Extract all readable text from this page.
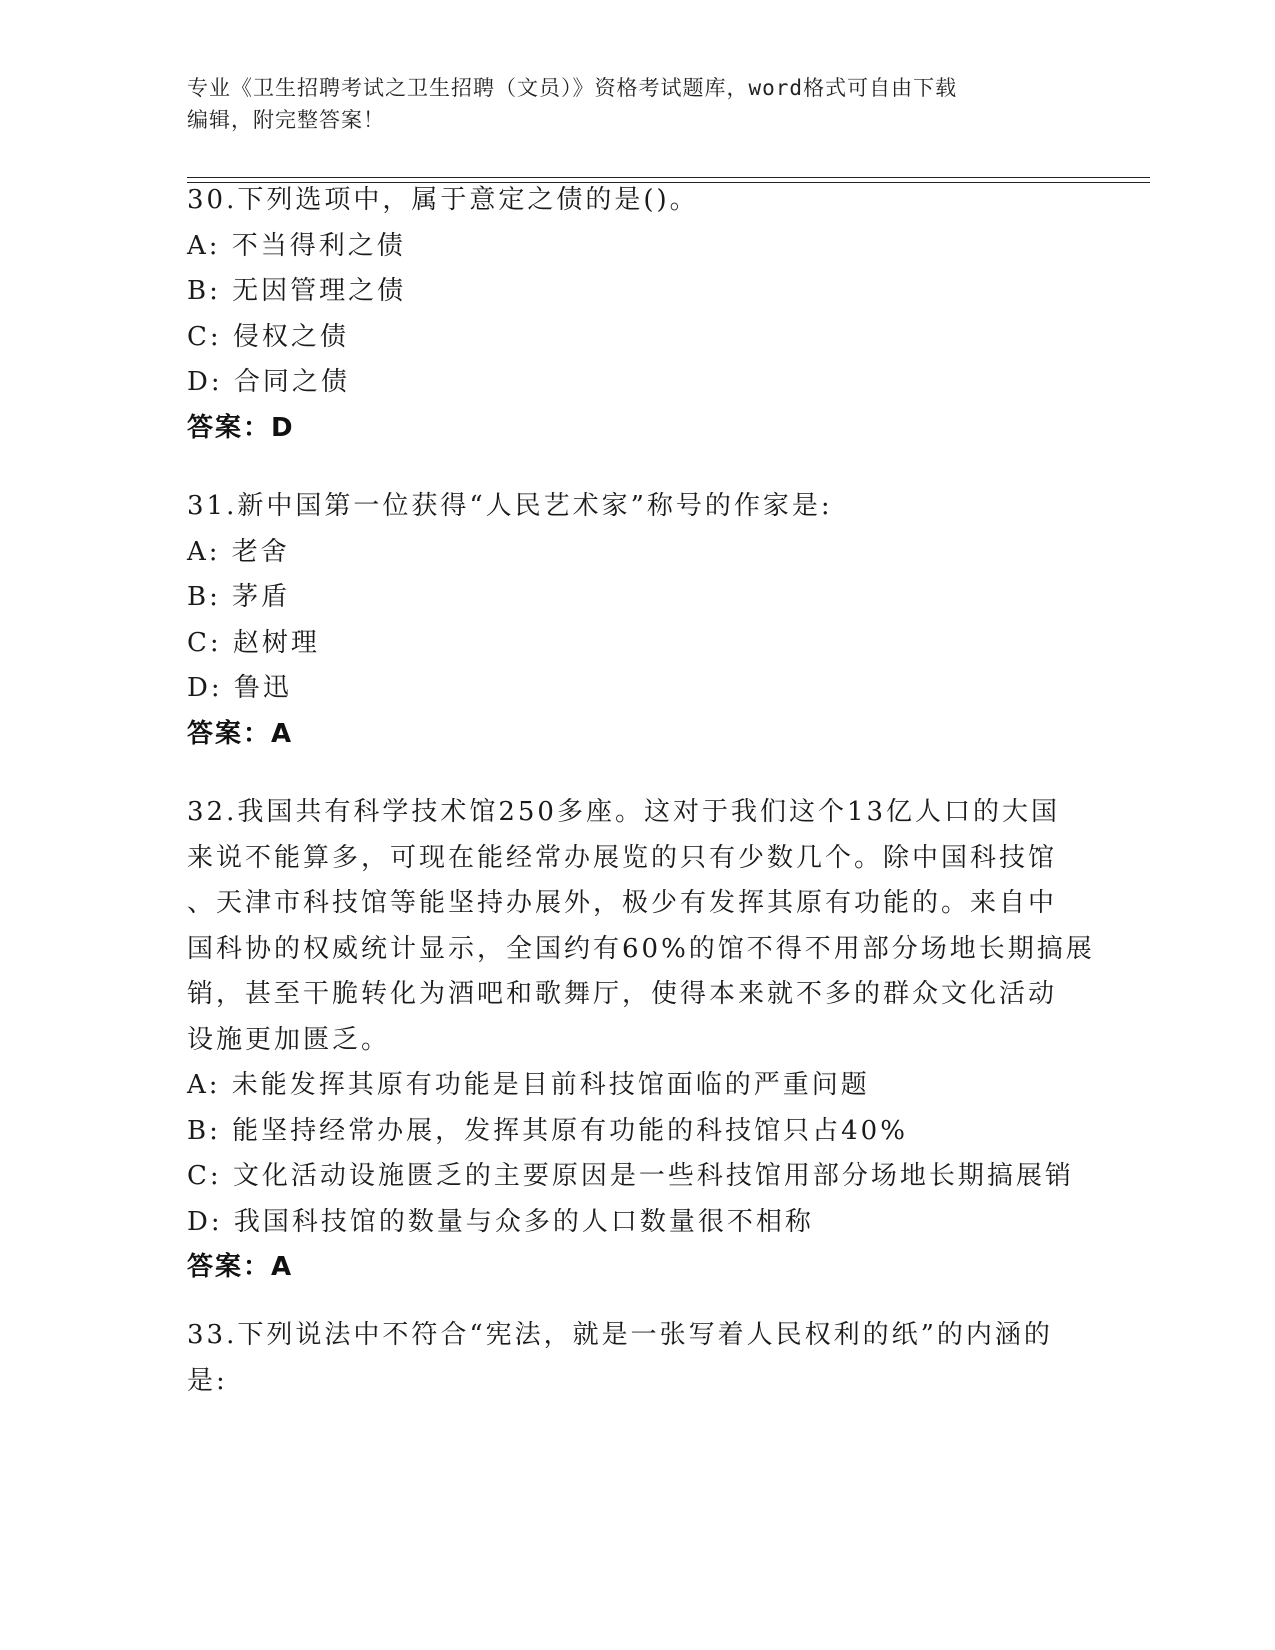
专业《卫生招聘考试之卫生招聘（文员）》资格考试题库，word格式可自由下载
编辑，附完整答案！
30.下列选项中，属于意定之债的是()。
A: 不当得利之债
B: 无因管理之债
C: 侵权之债
D: 合同之债
答案：D
31.新中国第一位获得“人民艺术家”称号的作家是:
A: 老舍
B: 茅盾
C: 赵树理
D: 鲁迅
答案：A
32.我国共有科学技术馆250多座。这对于我们这个13亿人口的大国
来说不能算多，可现在能经常办展览的只有少数几个。除中国科技馆
、天津市科技馆等能坚持办展外，极少有发挥其原有功能的。来自中
国科协的权威统计显示，全国约有60%的馆不得不用部分场地长期搞展
销，甚至干脆转化为酒吧和歌舞厅，使得本来就不多的群众文化活动
设施更加匮乏。
A: 未能发挥其原有功能是目前科技馆面临的严重问题
B: 能坚持经常办展，发挥其原有功能的科技馆只占40%
C: 文化活动设施匮乏的主要原因是一些科技馆用部分场地长期搞展销
D: 我国科技馆的数量与众多的人口数量很不相称
答案：A
33.下列说法中不符合“宪法，就是一张写着人民权利的纸”的内涵的
是:
